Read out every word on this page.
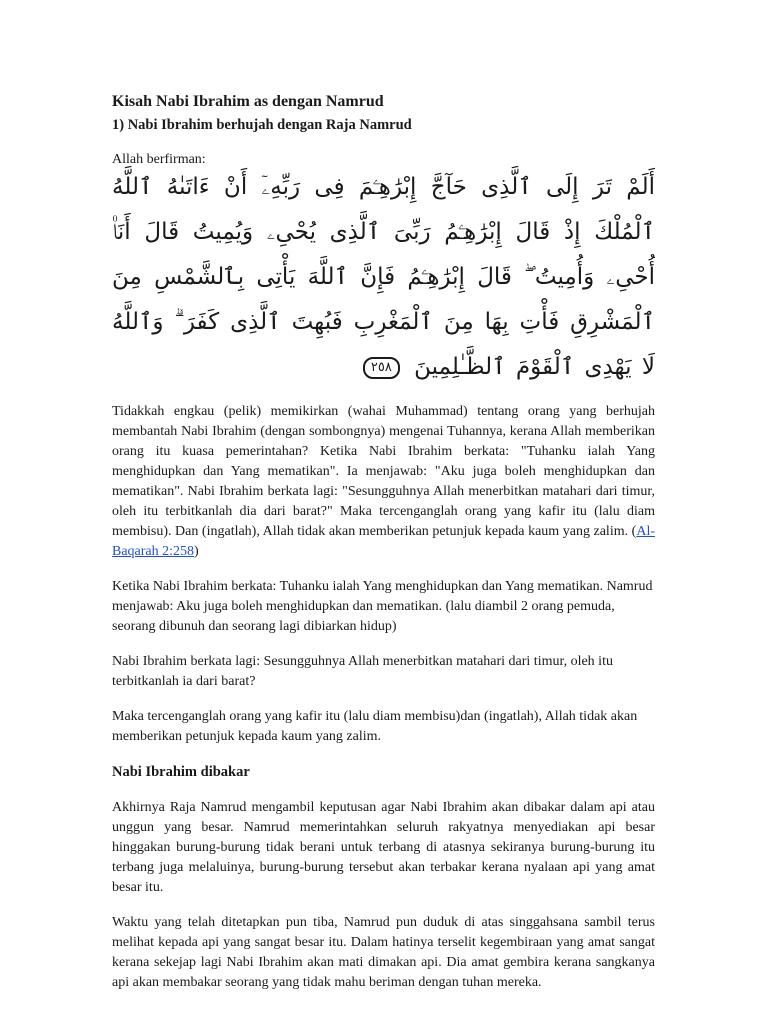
Kisah Nabi Ibrahim as dengan Namrud
1) Nabi Ibrahim berhujah dengan Raja Namrud
Allah berfirman:
أَلَمْ تَرَ إِلَى ٱلَّذِى حَآجَّ إِبْرَٰهِـۧمَ فِى رَبِّهِۦٓ أَنْ ءَاتَىٰهُ ٱللَّهُ ٱلْمُلْكَ إِذْ قَالَ إِبْرَٰهِـۧمُ رَبِّىَ ٱلَّذِى يُحْىِۦ وَيُمِيتُ قَالَ أَنَا۠ أُحْىِۦ وَأُمِيتُ ۖ قَالَ إِبْرَٰهِـۧمُ فَإِنَّ ٱللَّهَ يَأْتِى بِٱلشَّمْسِ مِنَ ٱلْمَشْرِقِ فَأْتِ بِهَا مِنَ ٱلْمَغْرِبِ فَبُهِتَ ٱلَّذِى كَفَرَ ۗ وَٱللَّهُ لَا يَهْدِى ٱلْقَوْمَ ٱلظَّـٰلِمِينَ ٢٥٨

Tidakkah engkau (pelik) memikirkan (wahai Muhammad) tentang orang yang berhujah membantah Nabi Ibrahim (dengan sombongnya) mengenai Tuhannya, kerana Allah memberikan orang itu kuasa pemerintahan? Ketika Nabi Ibrahim berkata: "Tuhanku ialah Yang menghidupkan dan Yang mematikan". Ia menjawab: "Aku juga boleh menghidupkan dan mematikan". Nabi Ibrahim berkata lagi: "Sesungguhnya Allah menerbitkan matahari dari timur, oleh itu terbitkanlah dia dari barat?" Maka tercenganglah orang yang kafir itu (lalu diam membisu). Dan (ingatlah), Allah tidak akan memberikan petunjuk kepada kaum yang zalim. (Al-Baqarah 2:258)

Ketika Nabi Ibrahim berkata: Tuhanku ialah Yang menghidupkan dan Yang mematikan. Namrud menjawab: Aku juga boleh menghidupkan dan mematikan. (lalu diambil 2 orang pemuda, seorang dibunuh dan seorang lagi dibiarkan hidup)

Nabi Ibrahim berkata lagi: Sesungguhnya Allah menerbitkan matahari dari timur, oleh itu terbitkanlah ia dari barat?

Maka tercenganglah orang yang kafir itu (lalu diam membisu)dan (ingatlah), Allah tidak akan memberikan petunjuk kepada kaum yang zalim.

Nabi Ibrahim dibakar

Akhirnya Raja Namrud mengambil keputusan agar Nabi Ibrahim akan dibakar dalam api atau unggun yang besar. Namrud memerintahkan seluruh rakyatnya menyediakan api besar hinggakan burung-burung tidak berani untuk terbang di atasnya sekiranya burung-burung itu terbang juga melaluinya, burung-burung tersebut akan terbakar kerana nyalaan api yang amat besar itu.

Waktu yang telah ditetapkan pun tiba, Namrud pun duduk di atas singgahsana sambil terus melihat kepada api yang sangat besar itu. Dalam hatinya terselit kegembiraan yang amat sangat kerana sekejap lagi Nabi Ibrahim akan mati dimakan api. Dia amat gembira kerana sangkanya api akan membakar seorang yang tidak mahu beriman dengan tuhan mereka.
